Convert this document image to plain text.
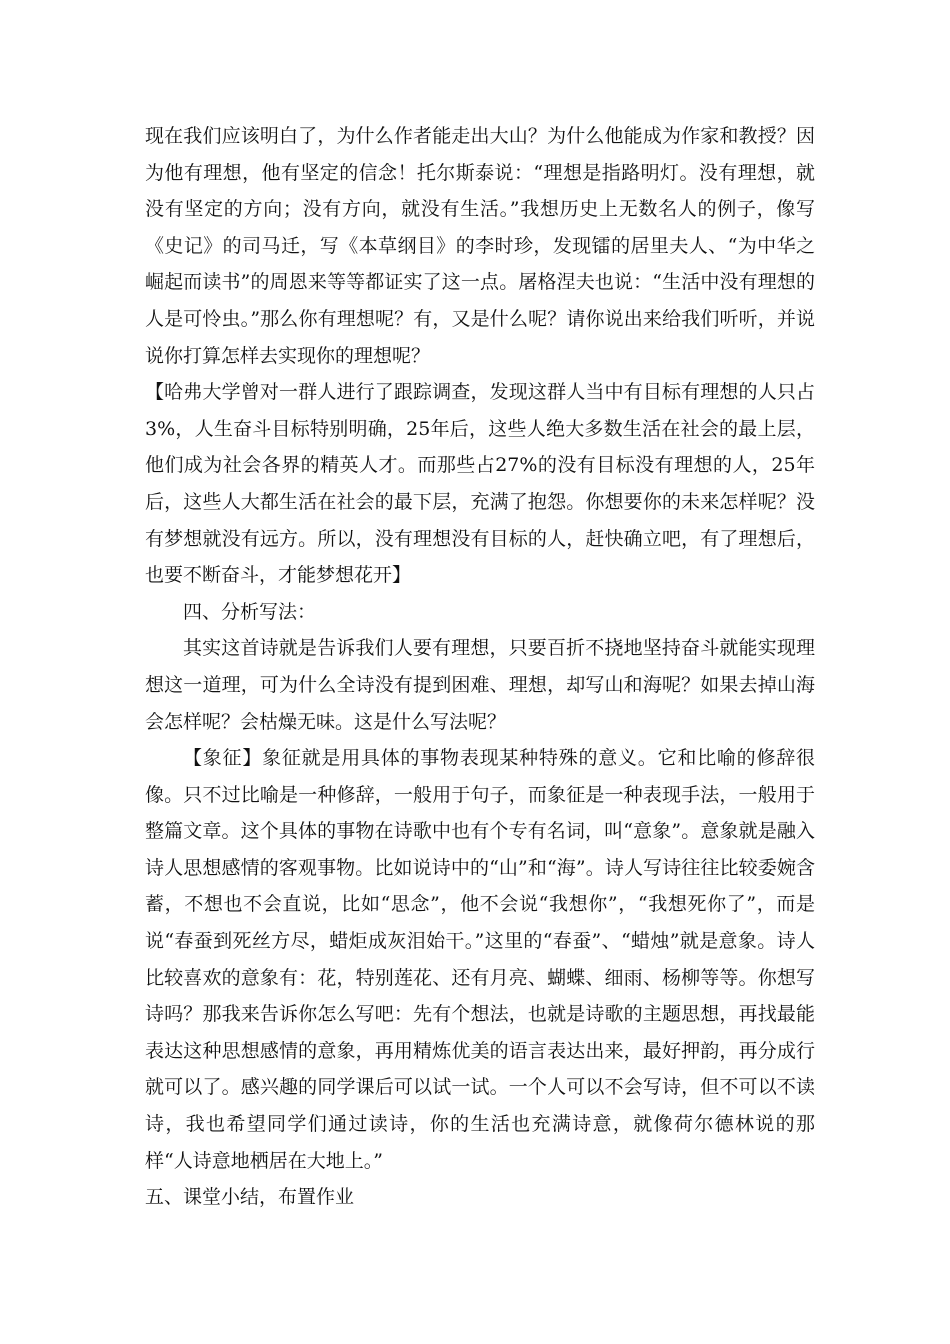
现在我们应该明白了，为什么作者能走出大山？为什么他能成为作家和教授？因为他有理想，他有坚定的信念！托尔斯泰说：“理想是指路明灯。没有理想，就没有坚定的方向；没有方向，就没有生活。”我想历史上无数名人的例子，像写《史记》的司马迁，写《本草纲目》的李时珍，发现镭的居里夫人、“为中华之崛起而读书”的周恩来等等都证实了这一点。屠格涅夫也说：“生活中没有理想的人是可怜虫。”那么你有理想呢？有，又是什么呢？请你说出来给我们听听，并说说你打算怎样去实现你的理想呢？

【哈弗大学曾对一群人进行了跟踪调查，发现这群人当中有目标有理想的人只占3%，人生奋斗目标特别明确，25年后，这些人绝大多数生活在社会的最上层，他们成为社会各界的精英人才。而那些占27%的没有目标没有理想的人，25年后，这些人大都生活在社会的最下层，充满了抱怨。你想要你的未来怎样呢？没有梦想就没有远方。所以，没有理想没有目标的人，赶快确立吧，有了理想后，也要不断奋斗，才能梦想花开】

四、分析写法：

其实这首诗就是告诉我们人要有理想，只要百折不挠地坚持奋斗就能实现理想这一道理，可为什么全诗没有提到困难、理想，却写山和海呢？如果去掉山海会怎样呢？会枯燥无味。这是什么写法呢？

【象征】象征就是用具体的事物表现某种特殊的意义。它和比喻的修辞很像。只不过比喻是一种修辞，一般用于句子，而象征是一种表现手法，一般用于整篇文章。这个具体的事物在诗歌中也有个专有名词，叫“意象”。意象就是融入诗人思想感情的客观事物。比如说诗中的“山”和“海”。诗人写诗往往比较委婉含蓄，不想也不会直说，比如“思念”，他不会说“我想你”，“我想死你了”，而是说“春蚕到死丝方尽，蜡炬成灰泪始干。”这里的“春蚕”、“蜡烛”就是意象。诗人比较喜欢的意象有：花，特别莲花、还有月亮、蝴蝶、细雨、杨柳等等。你想写诗吗？那我来告诉你怎么写吧：先有个想法，也就是诗歌的主题思想，再找最能表达这种思想感情的意象，再用精炼优美的语言表达出来，最好押韵，再分成行就可以了。感兴趣的同学课后可以试一试。一个人可以不会写诗，但不可以不读诗，我也希望同学们通过读诗，你的生活也充满诗意，就像荷尔德林说的那样“人诗意地栖居在大地上。”

五、课堂小结，布置作业
